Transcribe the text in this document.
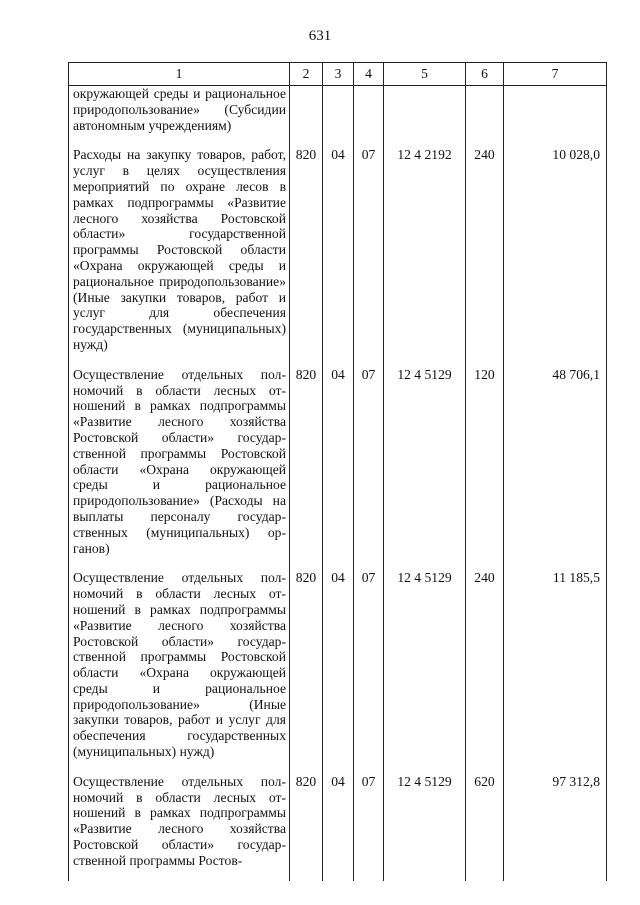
631
1	2	3	4	5	6	7
окружающей среды и рациональное природопользование» (Субсидии автономным учреждениям)						
Расходы на закупку товаров, работ, услуг в целях осуществления мероприятий по охране лесов в рамках подпрограммы «Развитие лесного хозяйства Ростовской области» государственной программы Ростовской области «Охрана окружающей среды и рациональное природопользование» (Иные закупки товаров, работ и услуг для обеспечения государственных (муниципальных) нужд)	820	04	07	12 4 2192	240	10 028,0
Осуществление отдельных полномочий в области лесных отношений в рамках подпрограммы «Развитие лесного хозяйства Ростовской области» государственной программы Ростовской области «Охрана окружающей среды и рациональное природопользование» (Расходы на выплаты персоналу государственных (муниципальных) органов)	820	04	07	12 4 5129	120	48 706,1
Осуществление отдельных полномочий в области лесных отношений в рамках подпрограммы «Развитие лесного хозяйства Ростовской области» государственной программы Ростовской области «Охрана окружающей среды и рациональное природопользование» (Иные закупки товаров, работ и услуг для обеспечения государственных (муниципальных) нужд)	820	04	07	12 4 5129	240	11 185,5
Осуществление отдельных полномочий в области лесных отношений в рамках подпрограммы «Развитие лесного хозяйства Ростовской области» государственной программы Ростов-	820	04	07	12 4 5129	620	97 312,8
